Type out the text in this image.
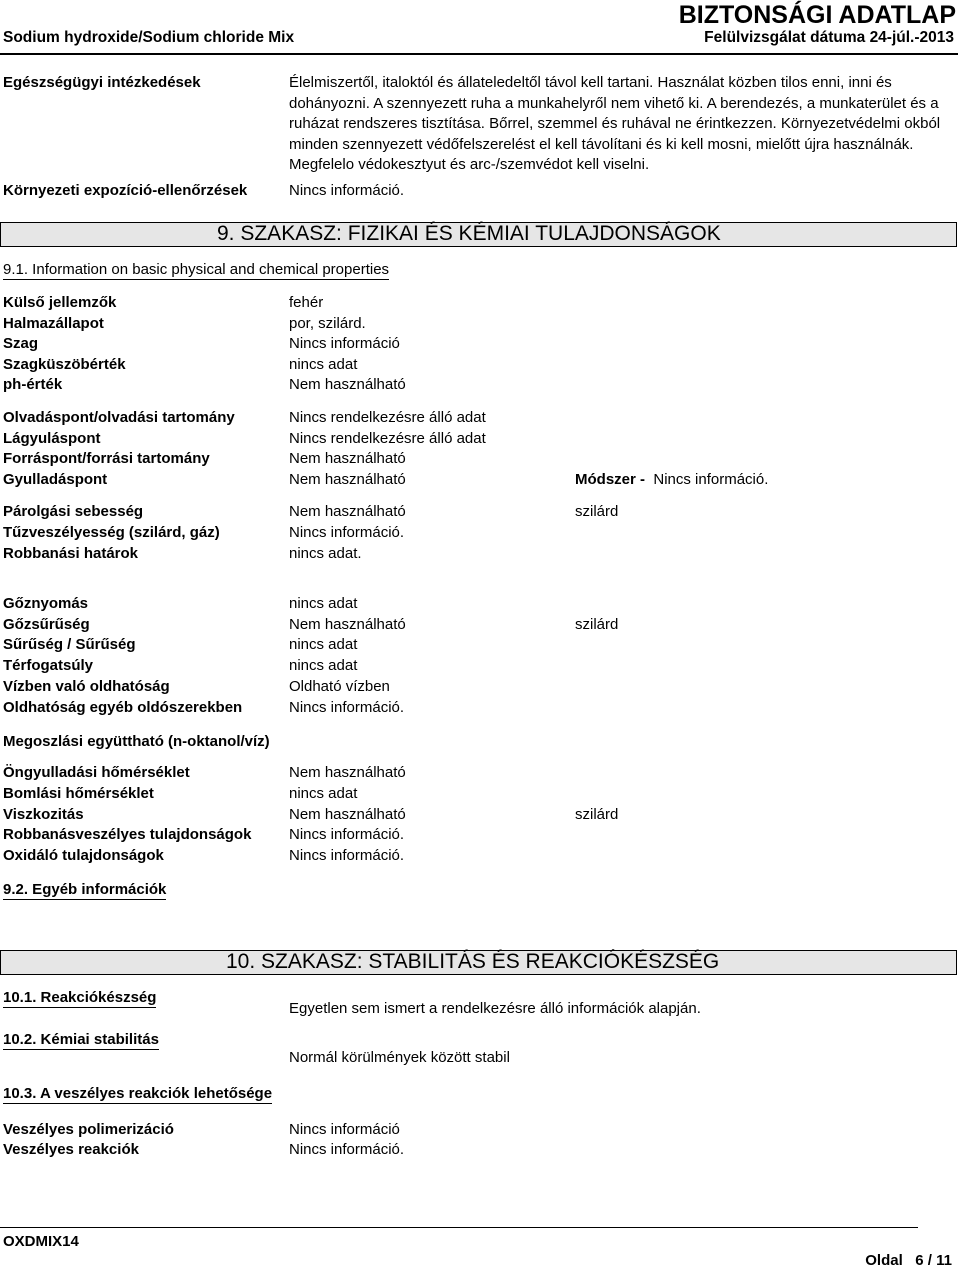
Sodium hydroxide/Sodium chloride Mix
BIZTONSÁGI ADATLAP
Felülvizsgálat dátuma 24-júl.-2013
Egészségügyi intézkedések	Élelmiszertől, italoktól és állateledeltől távol kell tartani. Használat közben tilos enni, inni és dohányozni. A szennyezett ruha a munkahelyről nem vihető ki. A berendezés, a munkaterület és a ruházat rendszeres tisztítása. Bőrrel, szemmel és ruhával ne érintkezzen. Környezetvédelmi okból minden szennyezett védőfelszerelést el kell távolítani és ki kell mosni, mielőtt újra használnák. Megfelelo védokesztyut és arc-/szemvédot kell viselni.
Környezeti expozíció-ellenőrzések	Nincs információ.
9. SZAKASZ: FIZIKAI ÉS KÉMIAI TULAJDONSÁGOK
9.1. Information on basic physical and chemical properties
Külső jellemzők	fehér
Halmazállapot	por, szilárd.
Szag	Nincs információ
Szagküszöbérték	nincs adat
ph-érték	Nem használható
Olvadáspont/olvadási tartomány	Nincs rendelkezésre álló adat
Lágyuláspont	Nincs rendelkezésre álló adat
Forráspont/forrási tartomány	Nem használható
Gyulladáspont	Nem használható	Módszer - Nincs információ.
Párolgási sebesség	Nem használható	szilárd
Tűzveszélyesség (szilárd, gáz)	Nincs információ.
Robbanási határok	nincs adat.
Gőznyomás	nincs adat
Gőzsűrűség	Nem használható	szilárd
Sűrűség / Sűrűség	nincs adat
Térfogatsúly	nincs adat
Vízben való oldhatóság	Oldható vízben
Oldhatóság egyéb oldószerekben	Nincs információ.
Megoszlási együttható (n-oktanol/víz)
Öngyulladási hőmérséklet	Nem használható
Bomlási hőmérséklet	nincs adat
Viszkozitás	Nem használható	szilárd
Robbanásveszélyes tulajdonságok	Nincs információ.
Oxidáló tulajdonságok	Nincs információ.
9.2. Egyéb információk
10. SZAKASZ: STABILITÁS ÉS REAKCIÓKÉSZSÉG
10.1. Reakciókészség
Egyetlen sem ismert a rendelkezésre álló információk alapján.
10.2. Kémiai stabilitás
Normál körülmények között stabil
10.3. A veszélyes reakciók lehetősége
Veszélyes polimerizáció	Nincs információ
Veszélyes reakciók	Nincs információ.
OXDMIX14
Oldal 6 / 11
